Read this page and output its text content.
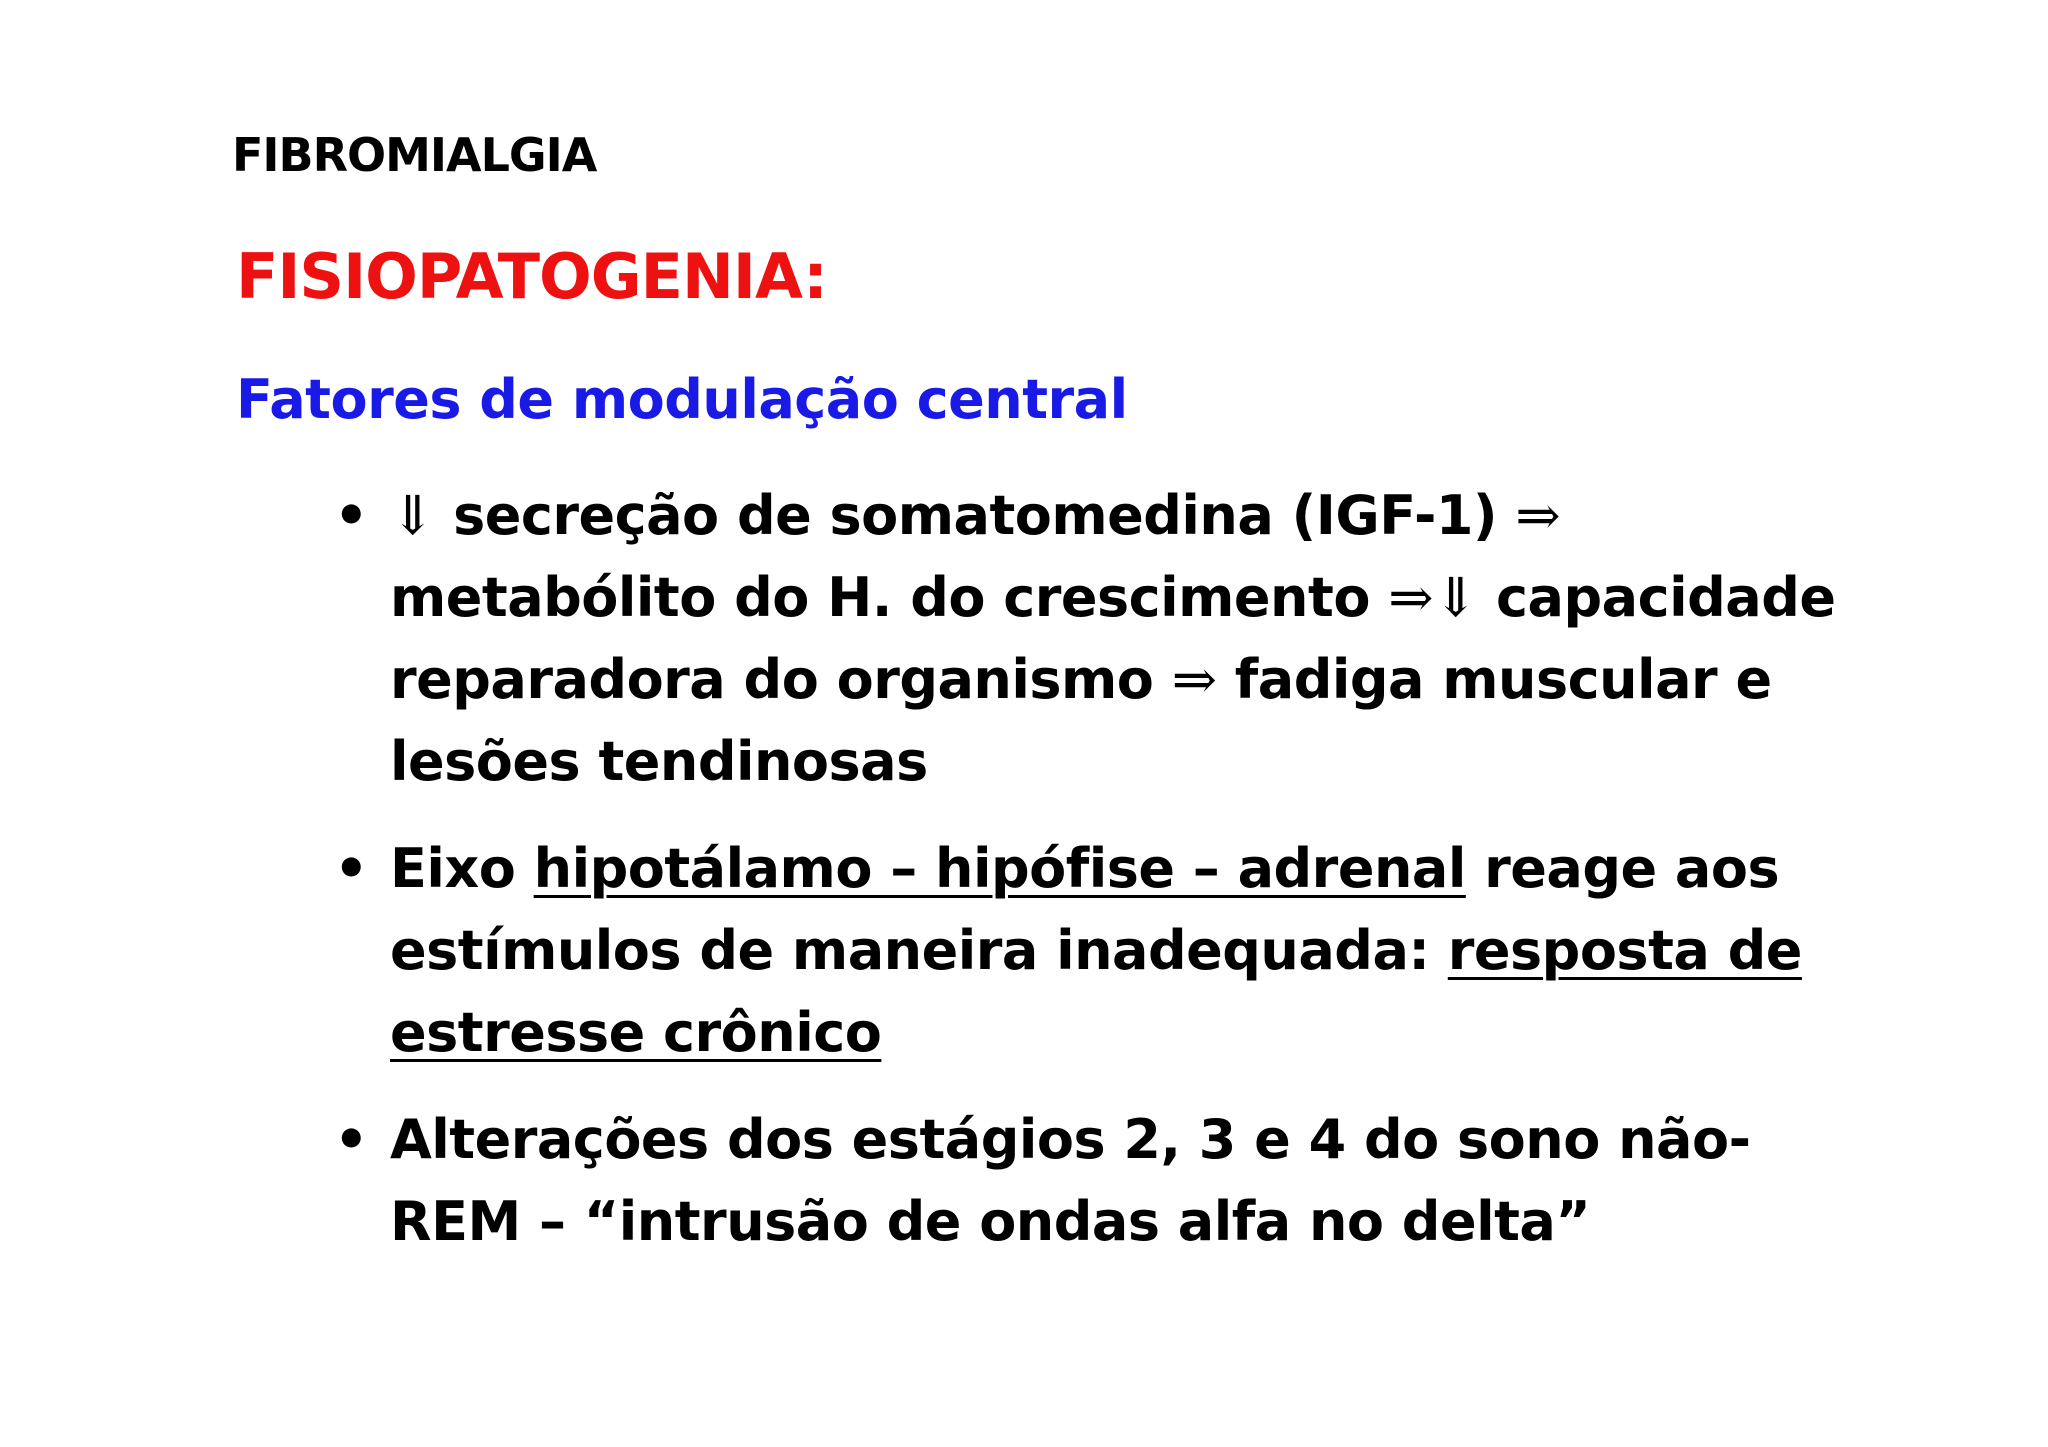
FIBROMIALGIA
FISIOPATOGENIA:
Fatores de modulação central
• ⇓ secreção de somatomedina (IGF-1) ⇒ metabólito do H. do crescimento ⇒⇓ capacidade reparadora do organismo ⇒ fadiga muscular e lesões tendinosas
• Eixo hipotálamo – hipófise – adrenal reage aos estímulos de maneira inadequada: resposta de estresse crônico
• Alterações dos estágios 2, 3 e 4 do sono não-REM – “intrusão de ondas alfa no delta”
